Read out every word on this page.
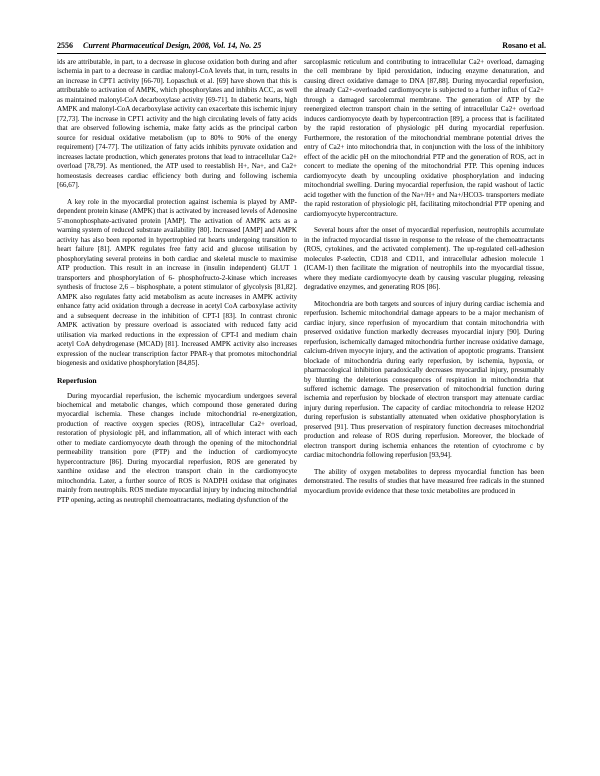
2556 Current Pharmaceutical Design, 2008, Vol. 14, No. 25	Rosano et al.

ids are attributable, in part, to a decrease in glucose oxidation both during and after ischemia in part to a decrease in cardiac malonyl-CoA levels that, in turn, results in an increase in CPT1 activity [66-70]. Lopaschuk et al. [69] have shown that this is attributable to activation of AMPK, which phosphorylates and inhibits ACC, as well as maintained malonyl-CoA decarboxylase activity [69-71]. In diabetic hearts, high AMPK and malonyl-CoA decarboxylase activity can exacerbate this ischemic injury [72,73]. The increase in CPT1 activity and the high circulating levels of fatty acids that are observed following ischemia, make fatty acids as the principal carbon source for residual oxidative metabolism (up to 80% to 90% of the energy requirement) [74-77]. The utilization of fatty acids inhibits pyruvate oxidation and increases lactate production, which generates protons that lead to intracellular Ca2+ overload [78,79]. As mentioned, the ATP used to reestablish H+, Na+, and Ca2+ homeostasis decreases cardiac efficiency both during and following ischemia [66,67].

A key role in the myocardial protection against ischemia is played by AMP-dependent protein kinase (AMPK) that is activated by increased levels of Adenosine 5'-monophosphate-activated protein [AMP]. The activation of AMPK acts as a warning system of reduced substrate availability [80]. Increased [AMP] and AMPK activity has also been reported in hypertrophied rat hearts undergoing transition to heart failure [81]. AMPK regulates free fatty acid and glucose utilisation by phosphorylating several proteins in both cardiac and skeletal muscle to maximise ATP production. This result in an increase in (insulin independent) GLUT 1 transporters and phosphorylation of 6- phosphofructo-2-kinase which increases synthesis of fructose 2,6 – bisphosphate, a potent stimulator of glycolysis [81,82]. AMPK also regulates fatty acid metabolism as acute increases in AMPK activity enhance fatty acid oxidation through a decrease in acetyl CoA carboxylase activity and a subsequent decrease in the inhibition of CPT-I [83]. In contrast chronic AMPK activation by pressure overload is associated with reduced fatty acid utilisation via marked reductions in the expression of CPT-I and medium chain acetyl CoA dehydrogenase (MCAD) [81]. Increased AMPK activity also increases expression of the nuclear transcription factor PPAR-γ that promotes mitochondrial biogenesis and oxidative phosphorylation [84,85].

Reperfusion

During myocardial reperfusion, the ischemic myocardium undergoes several biochemical and metabolic changes, which compound those generated during myocardial ischemia. These changes include mitochondrial re-energization, production of reactive oxygen species (ROS), intracellular Ca2+ overload, restoration of physiologic pH, and inflammation, all of which interact with each other to mediate cardiomyocyte death through the opening of the mitochondrial permeability transition pore (PTP) and the induction of cardiomyocyte hypercontracture [86]. During myocardial reperfusion, ROS are generated by xanthine oxidase and the electron transport chain in the cardiomyocyte mitochondria. Later, a further source of ROS is NADPH oxidase that originates mainly from neutrophils. ROS mediate myocardial injury by inducing mitochondrial PTP opening, acting as neutrophil chemoattractants, mediating dysfunction of the

sarcoplasmic reticulum and contributing to intracellular Ca2+ overload, damaging the cell membrane by lipid peroxidation, inducing enzyme denaturation, and causing direct oxidative damage to DNA [87,88]. During myocardial reperfusion, the already Ca2+-overloaded cardiomyocyte is subjected to a further influx of Ca2+ through a damaged sarcolemmal membrane. The generation of ATP by the reenergized electron transport chain in the setting of intracellular Ca2+ overload induces cardiomyocyte death by hypercontraction [89], a process that is facilitated by the rapid restoration of physiologic pH during myocardial reperfusion. Furthermore, the restoration of the mitochondrial membrane potential drives the entry of Ca2+ into mitochondria that, in conjunction with the loss of the inhibitory effect of the acidic pH on the mitochondrial PTP and the generation of ROS, act in concert to mediate the opening of the mitochondrial PTP. This opening induces cardiomyocyte death by uncoupling oxidative phosphorylation and inducing mitochondrial swelling. During myocardial reperfusion, the rapid washout of lactic acid together with the function of the Na+/H+ and Na+/HCO3- transporters mediate the rapid restoration of physiologic pH, facilitating mitochondrial PTP opening and cardiomyocyte hypercontracture.

Several hours after the onset of myocardial reperfusion, neutrophils accumulate in the infracted myocardial tissue in response to the release of the chemoattractants (ROS, cytokines, and the activated complement). The up-regulated cell-adhesion molecules P-selectin, CD18 and CD11, and intracellular adhesion molecule 1 (ICAM-1) then facilitate the migration of neutrophils into the myocardial tissue, where they mediate cardiomyocyte death by causing vascular plugging, releasing degradative enzymes, and generating ROS [86].

Mitochondria are both targets and sources of injury during cardiac ischemia and reperfusion. Ischemic mitochondrial damage appears to be a major mechanism of cardiac injury, since reperfusion of myocardium that contain mitochondria with preserved oxidative function markedly decreases myocardial injury [90]. During reperfusion, ischemically damaged mitochondria further increase oxidative damage, calcium-driven myocyte injury, and the activation of apoptotic programs. Transient blockade of mitochondria during early reperfusion, by ischemia, hypoxia, or pharmacological inhibition paradoxically decreases myocardial injury, presumably by blunting the deleterious consequences of respiration in mitochondria that suffered ischemic damage. The preservation of mitochondrial function during ischemia and reperfusion by blockade of electron transport may attenuate cardiac injury during reperfusion. The capacity of cardiac mitochondria to release H2O2 during reperfusion is substantially attenuated when oxidative phosphorylation is preserved [91]. Thus preservation of respiratory function decreases mitochondrial production and release of ROS during reperfusion. Moreover, the blockade of electron transport during ischemia enhances the retention of cytochrome c by cardiac mitochondria following reperfusion [93,94].

The ability of oxygen metabolites to depress myocardial function has been demonstrated. The results of studies that have measured free radicals in the stunned myocardium provide evidence that these toxic metabolites are produced in
